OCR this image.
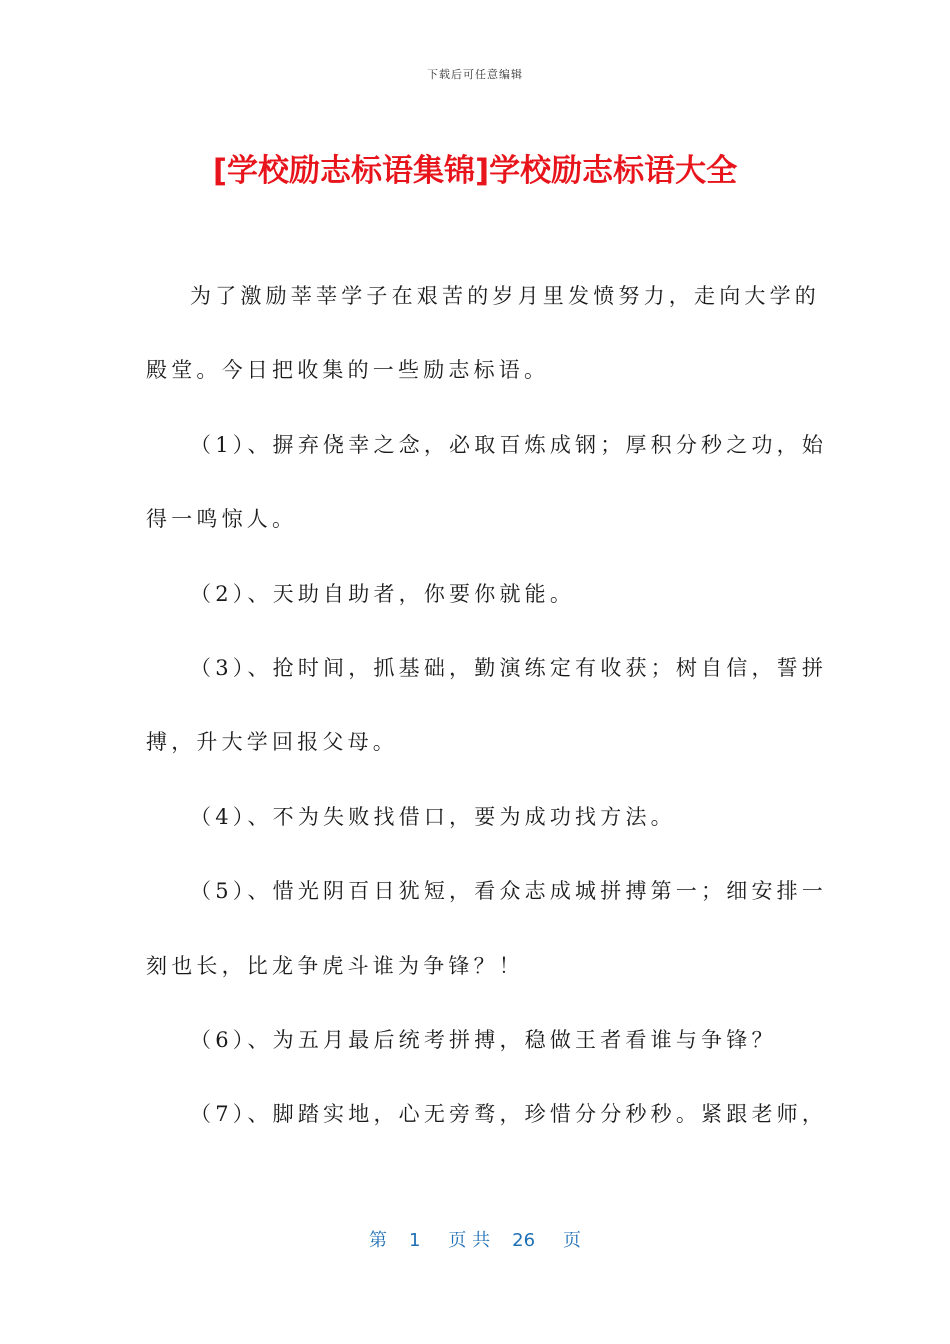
下载后可任意编辑
[学校励志标语集锦]学校励志标语大全
为了激励莘莘学子在艰苦的岁月里发愤努力，走向大学的
殿堂。今日把收集的一些励志标语。
（1）、摒弃侥幸之念，必取百炼成钢；厚积分秒之功，始
得一鸣惊人。
（2）、天助自助者，你要你就能。
（3）、抢时间，抓基础，勤演练定有收获；树自信，誓拼
搏，升大学回报父母。
（4）、不为失败找借口，要为成功找方法。
（5）、惜光阴百日犹短，看众志成城拼搏第一；细安排一
刻也长，比龙争虎斗谁为争锋？！
（6）、为五月最后统考拼搏，稳做王者看谁与争锋？
（7）、脚踏实地，心无旁骛，珍惜分分秒秒。紧跟老师，
第 1 页 共 26 页
